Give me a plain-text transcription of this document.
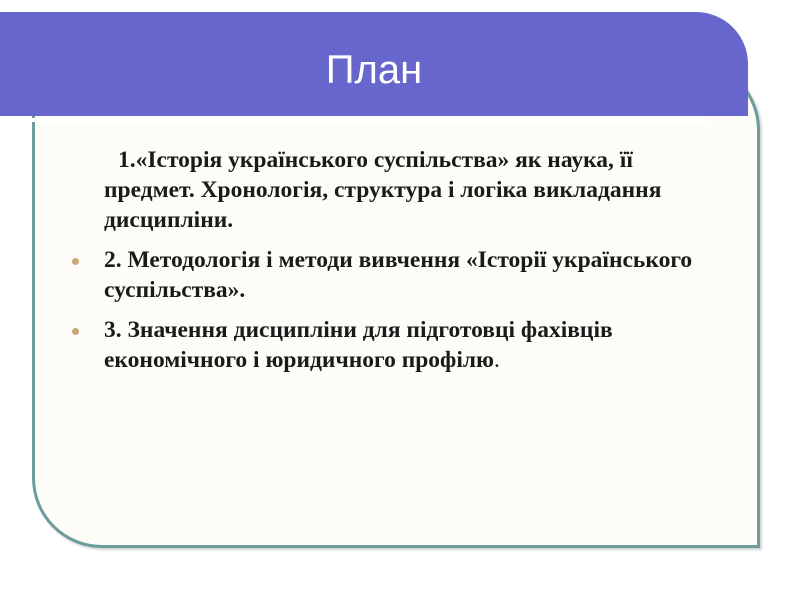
План
1.«Історія українського суспільства» як наука, її предмет. Хронологія, структура і логіка викладання дисципліни.
2. Методологія і методи вивчення «Історії українського суспільства».
3. Значення дисципліни для підготовці фахівців економічного і юридичного профілю.
